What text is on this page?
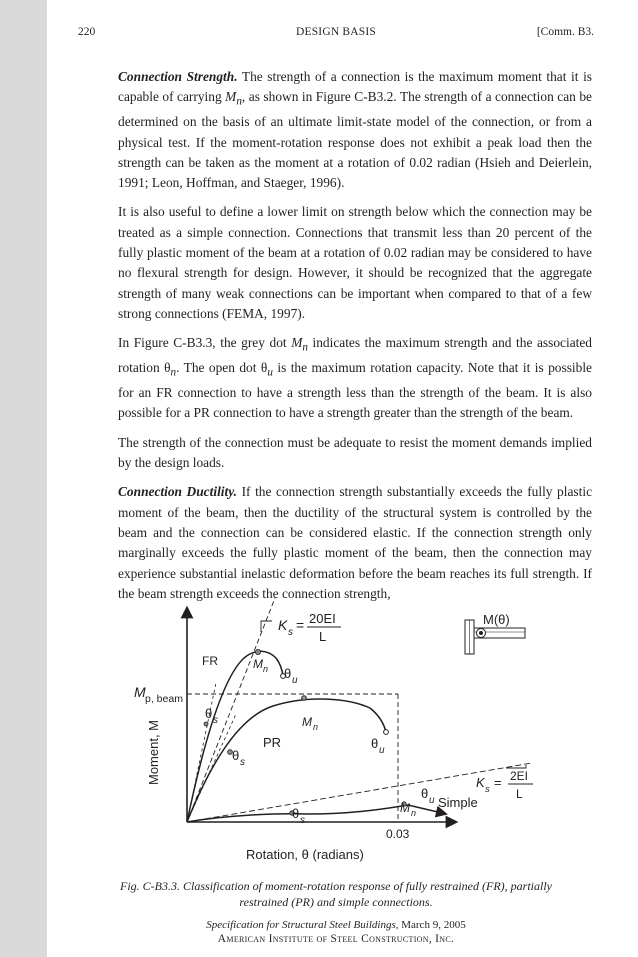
220	DESIGN BASIS	[Comm. B3.

Connection Strength. The strength of a connection is the maximum moment that it is capable of carrying $M_n$, as shown in Figure C-B3.2. The strength of a connection can be determined on the basis of an ultimate limit-state model of the connection, or from a physical test. If the moment-rotation response does not exhibit a peak load then the strength can be taken as the moment at a rotation of 0.02 radian (Hsieh and Deierlein, 1991; Leon, Hoffman, and Staeger, 1996).

It is also useful to define a lower limit on strength below which the connection may be treated as a simple connection. Connections that transmit less than 20 percent of the fully plastic moment of the beam at a rotation of 0.02 radian may be considered to have no flexural strength for design. However, it should be recognized that the aggregate strength of many weak connections can be important when compared to that of a few strong connections (FEMA, 1997).

In Figure C-B3.3, the grey dot $M_n$ indicates the maximum strength and the associated rotation $\theta_n$. The open dot $\theta_u$ is the maximum rotation capacity. Note that it is possible for an FR connection to have a strength less than the strength of the beam. It is also possible for a PR connection to have a strength greater than the strength of the beam.

The strength of the connection must be adequate to resist the moment demands implied by the design loads.

Connection Ductility. If the connection strength substantially exceeds the fully plastic moment of the beam, then the ductility of the structural system is controlled by the beam and the connection can be considered elastic. If the connection strength only marginally exceeds the fully plastic moment of the beam, then the connection may experience substantial inelastic deformation before the beam reaches its full strength. If the beam strength exceeds the connection strength,

K s = 20EI
L
K s = 2EI
L
M(θ)
FR
PR
Simple
M p, beam
M n θ u
M n
θ u
θ s
θ s
θ s
M n
θ u
0.03
Rotation, θ (radians)
Moment, M
Fig. C-B3.3. Classification of moment-rotation response of fully restrained (FR), partially
restrained (PR) and simple connections.
Specification for Structural Steel Buildings, March 9, 2005
American Institute of Steel Construction, Inc.
